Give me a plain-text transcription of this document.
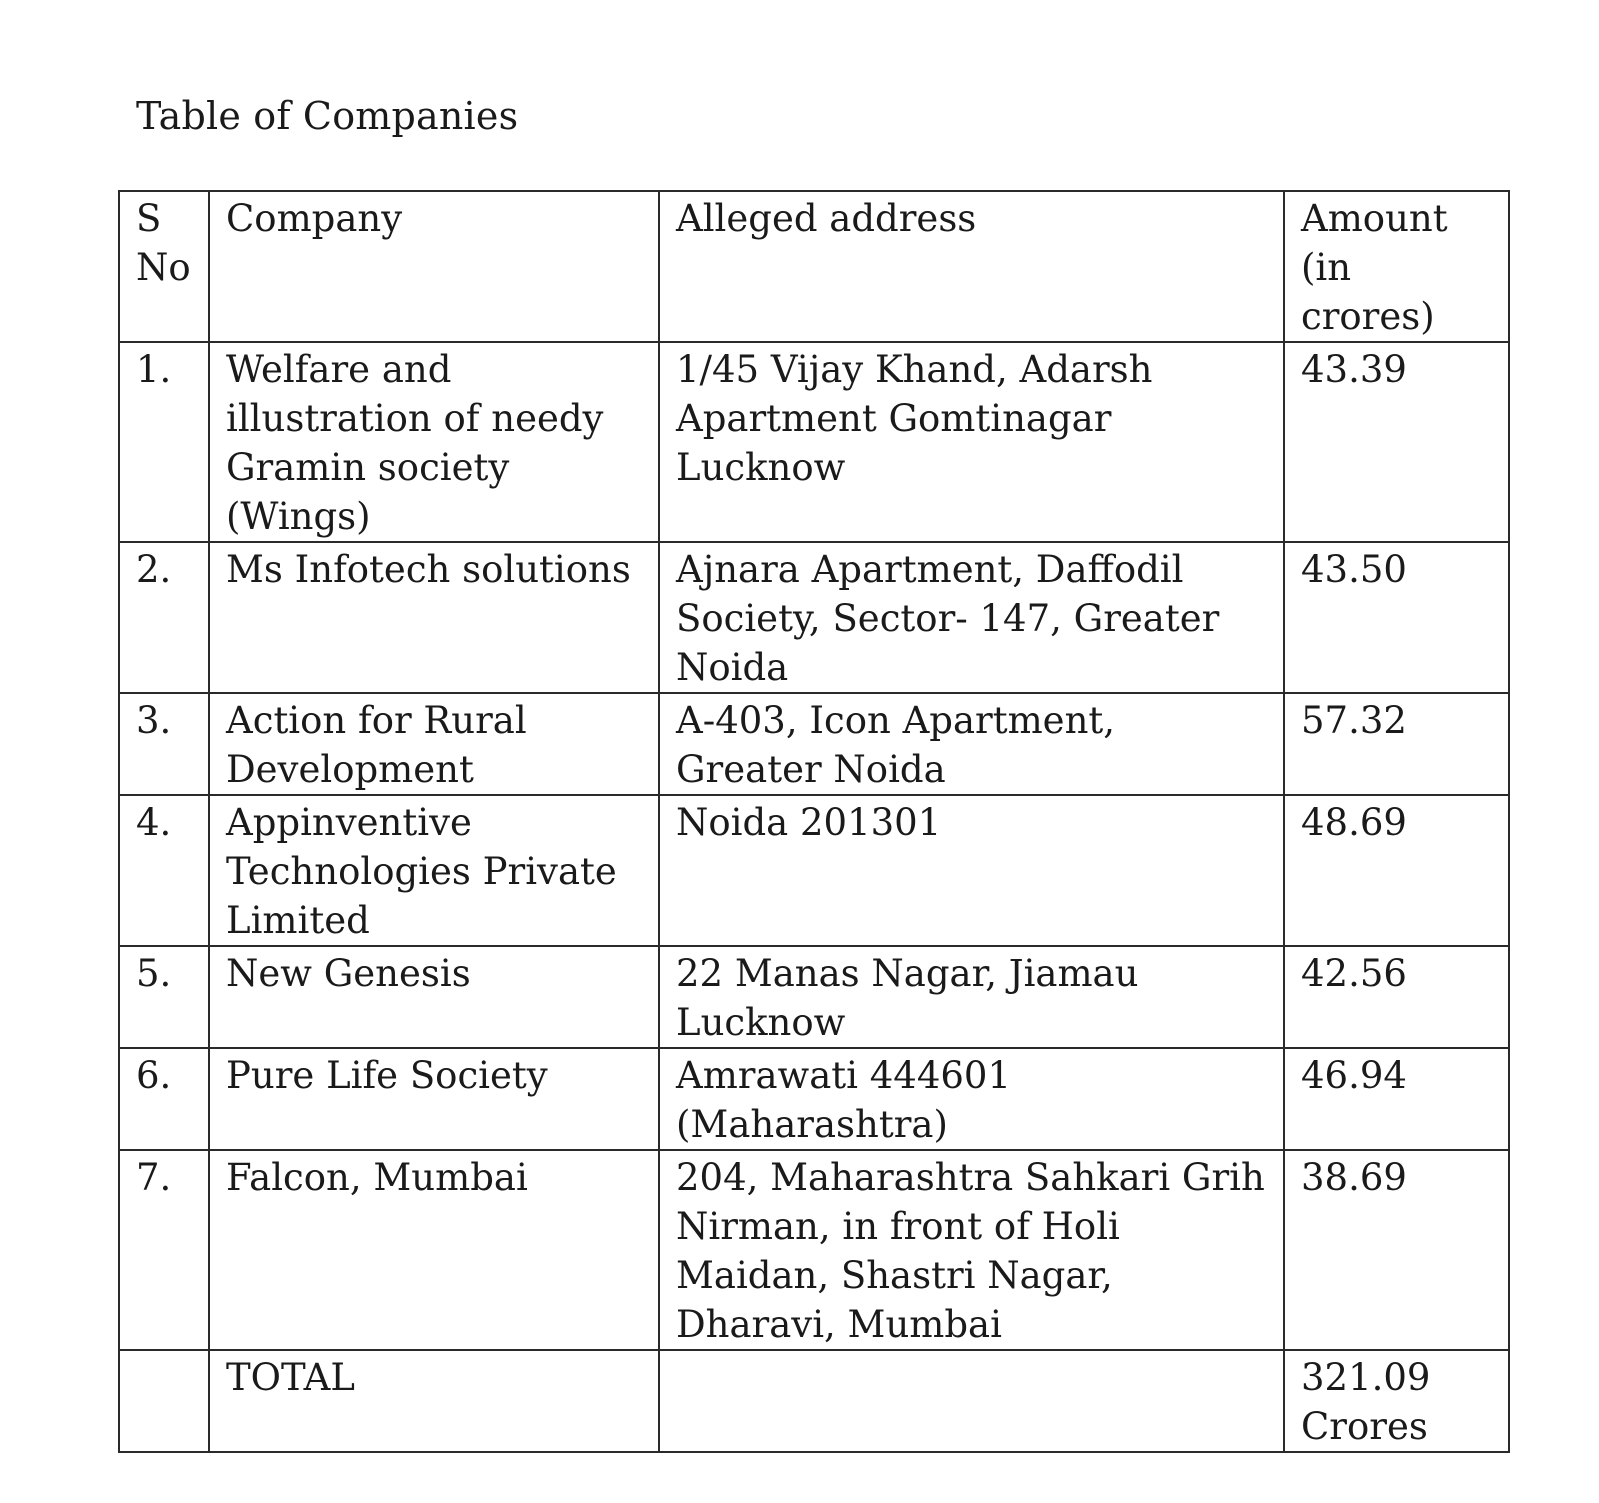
Table of Companies
S No	Company	Alleged address	Amount (in crores)
1.	Welfare and illustration of needy Gramin society (Wings)	1/45 Vijay Khand, Adarsh Apartment Gomtinagar Lucknow	43.39
2.	Ms Infotech solutions	Ajnara Apartment, Daffodil Society, Sector- 147, Greater Noida	43.50
3.	Action for Rural Development	A-403, Icon Apartment, Greater Noida	57.32
4.	Appinventive Technologies Private Limited	Noida 201301	48.69
5.	New Genesis	22 Manas Nagar, Jiamau Lucknow	42.56
6.	Pure Life Society	Amrawati 444601 (Maharashtra)	46.94
7.	Falcon, Mumbai	204, Maharashtra Sahkari Grih Nirman, in front of Holi Maidan, Shastri Nagar, Dharavi, Mumbai	38.69
	TOTAL		321.09 Crores
